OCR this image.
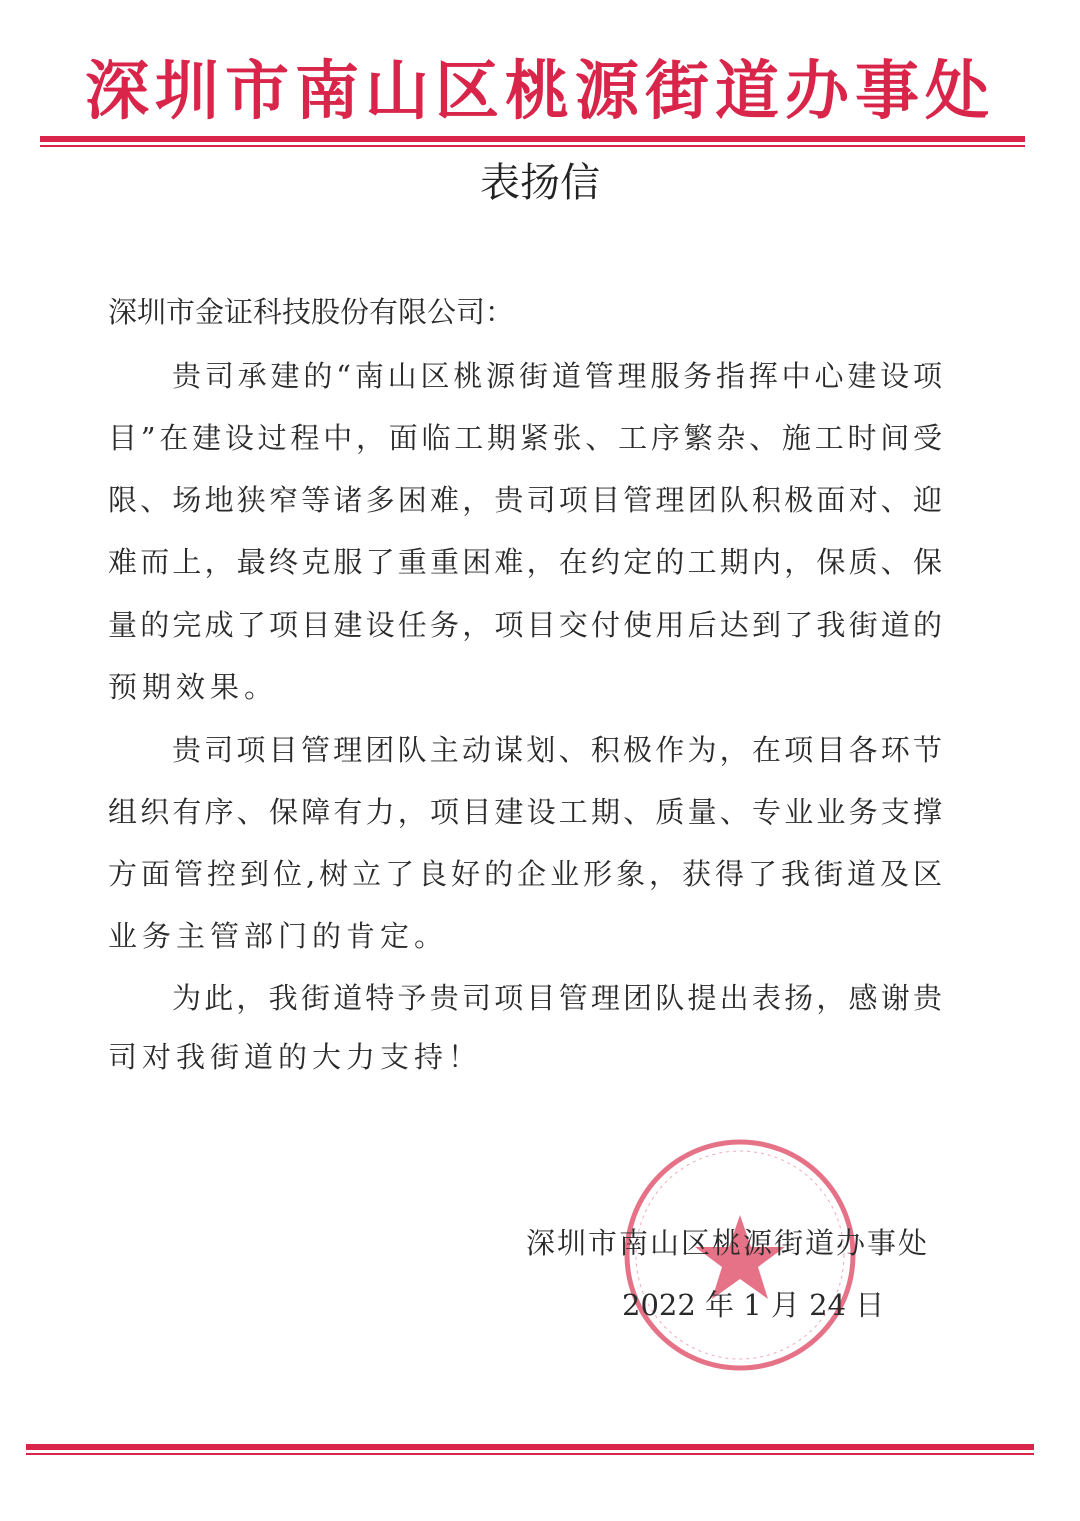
深圳市南山区桃源街道办事处
表扬信
深圳市金证科技股份有限公司：
贵司承建的“南山区桃源街道管理服务指挥中心建设项
目”在建设过程中，面临工期紧张、工序繁杂、施工时间受
限、场地狭窄等诸多困难，贵司项目管理团队积极面对、迎
难而上，最终克服了重重困难，在约定的工期内，保质、保
量的完成了项目建设任务，项目交付使用后达到了我街道的
预期效果。
贵司项目管理团队主动谋划、积极作为，在项目各环节
组织有序、保障有力，项目建设工期、质量、专业业务支撑
方面管控到位,树立了良好的企业形象，获得了我街道及区
业务主管部门的肯定。
为此，我街道特予贵司项目管理团队提出表扬，感谢贵
司对我街道的大力支持！
深圳市南山区桃源街道办事处
2022 年 1 月 24 日
